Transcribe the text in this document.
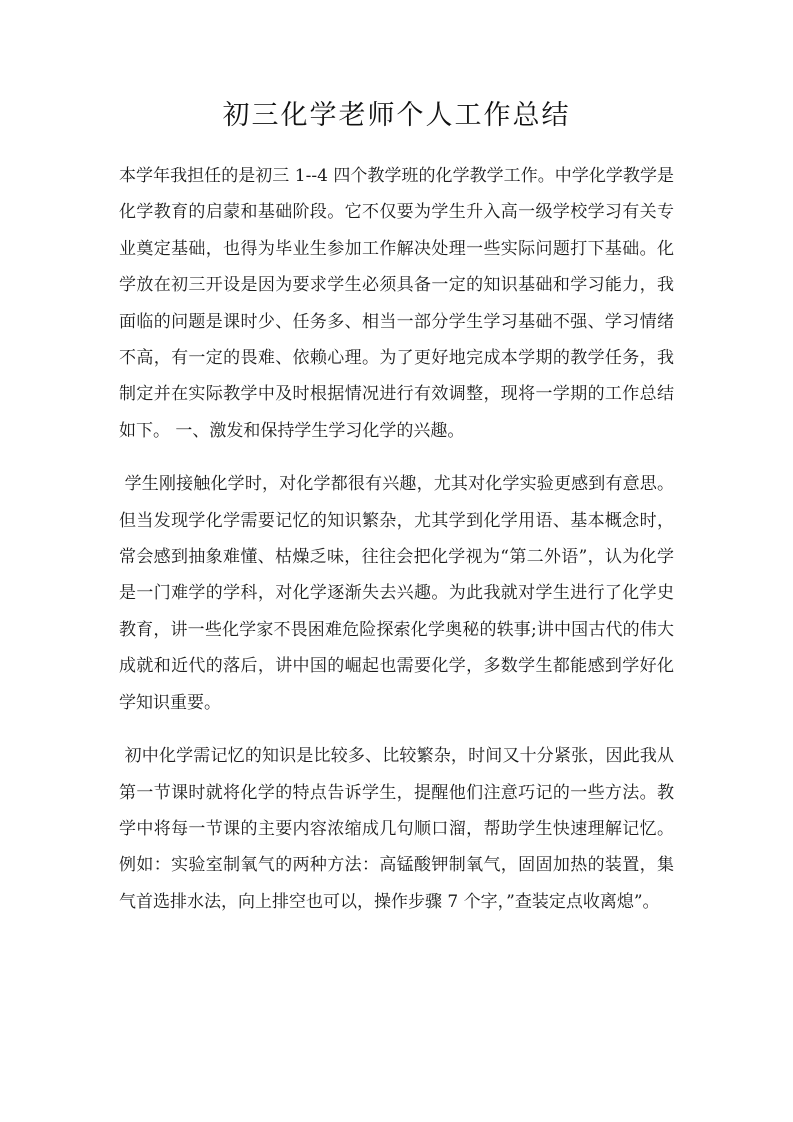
初三化学老师个人工作总结

本学年我担任的是初三 1--4 四个教学班的化学教学工作。中学化学教学是化学教育的启蒙和基础阶段。它不仅要为学生升入高一级学校学习有关专业奠定基础，也得为毕业生参加工作解决处理一些实际问题打下基础。化学放在初三开设是因为要求学生必须具备一定的知识基础和学习能力，我面临的问题是课时少、任务多、相当一部分学生学习基础不强、学习情绪不高，有一定的畏难、依赖心理。为了更好地完成本学期的教学任务，我制定并在实际教学中及时根据情况进行有效调整，现将一学期的工作总结如下。 一、激发和保持学生学习化学的兴趣。

学生刚接触化学时，对化学都很有兴趣，尤其对化学实验更感到有意思。但当发现学化学需要记忆的知识繁杂，尤其学到化学用语、基本概念时，常会感到抽象难懂、枯燥乏味，往往会把化学视为“第二外语”，认为化学是一门难学的学科，对化学逐渐失去兴趣。为此我就对学生进行了化学史教育，讲一些化学家不畏困难危险探索化学奥秘的轶事;讲中国古代的伟大成就和近代的落后，讲中国的崛起也需要化学，多数学生都能感到学好化学知识重要。

初中化学需记忆的知识是比较多、比较繁杂，时间又十分紧张，因此我从第一节课时就将化学的特点告诉学生，提醒他们注意巧记的一些方法。教学中将每一节课的主要内容浓缩成几句顺口溜，帮助学生快速理解记忆。例如：实验室制氧气的两种方法：高锰酸钾制氧气，固固加热的装置，集气首选排水法，向上排空也可以，操作步骤 7 个字，”查装定点收离熄”。
